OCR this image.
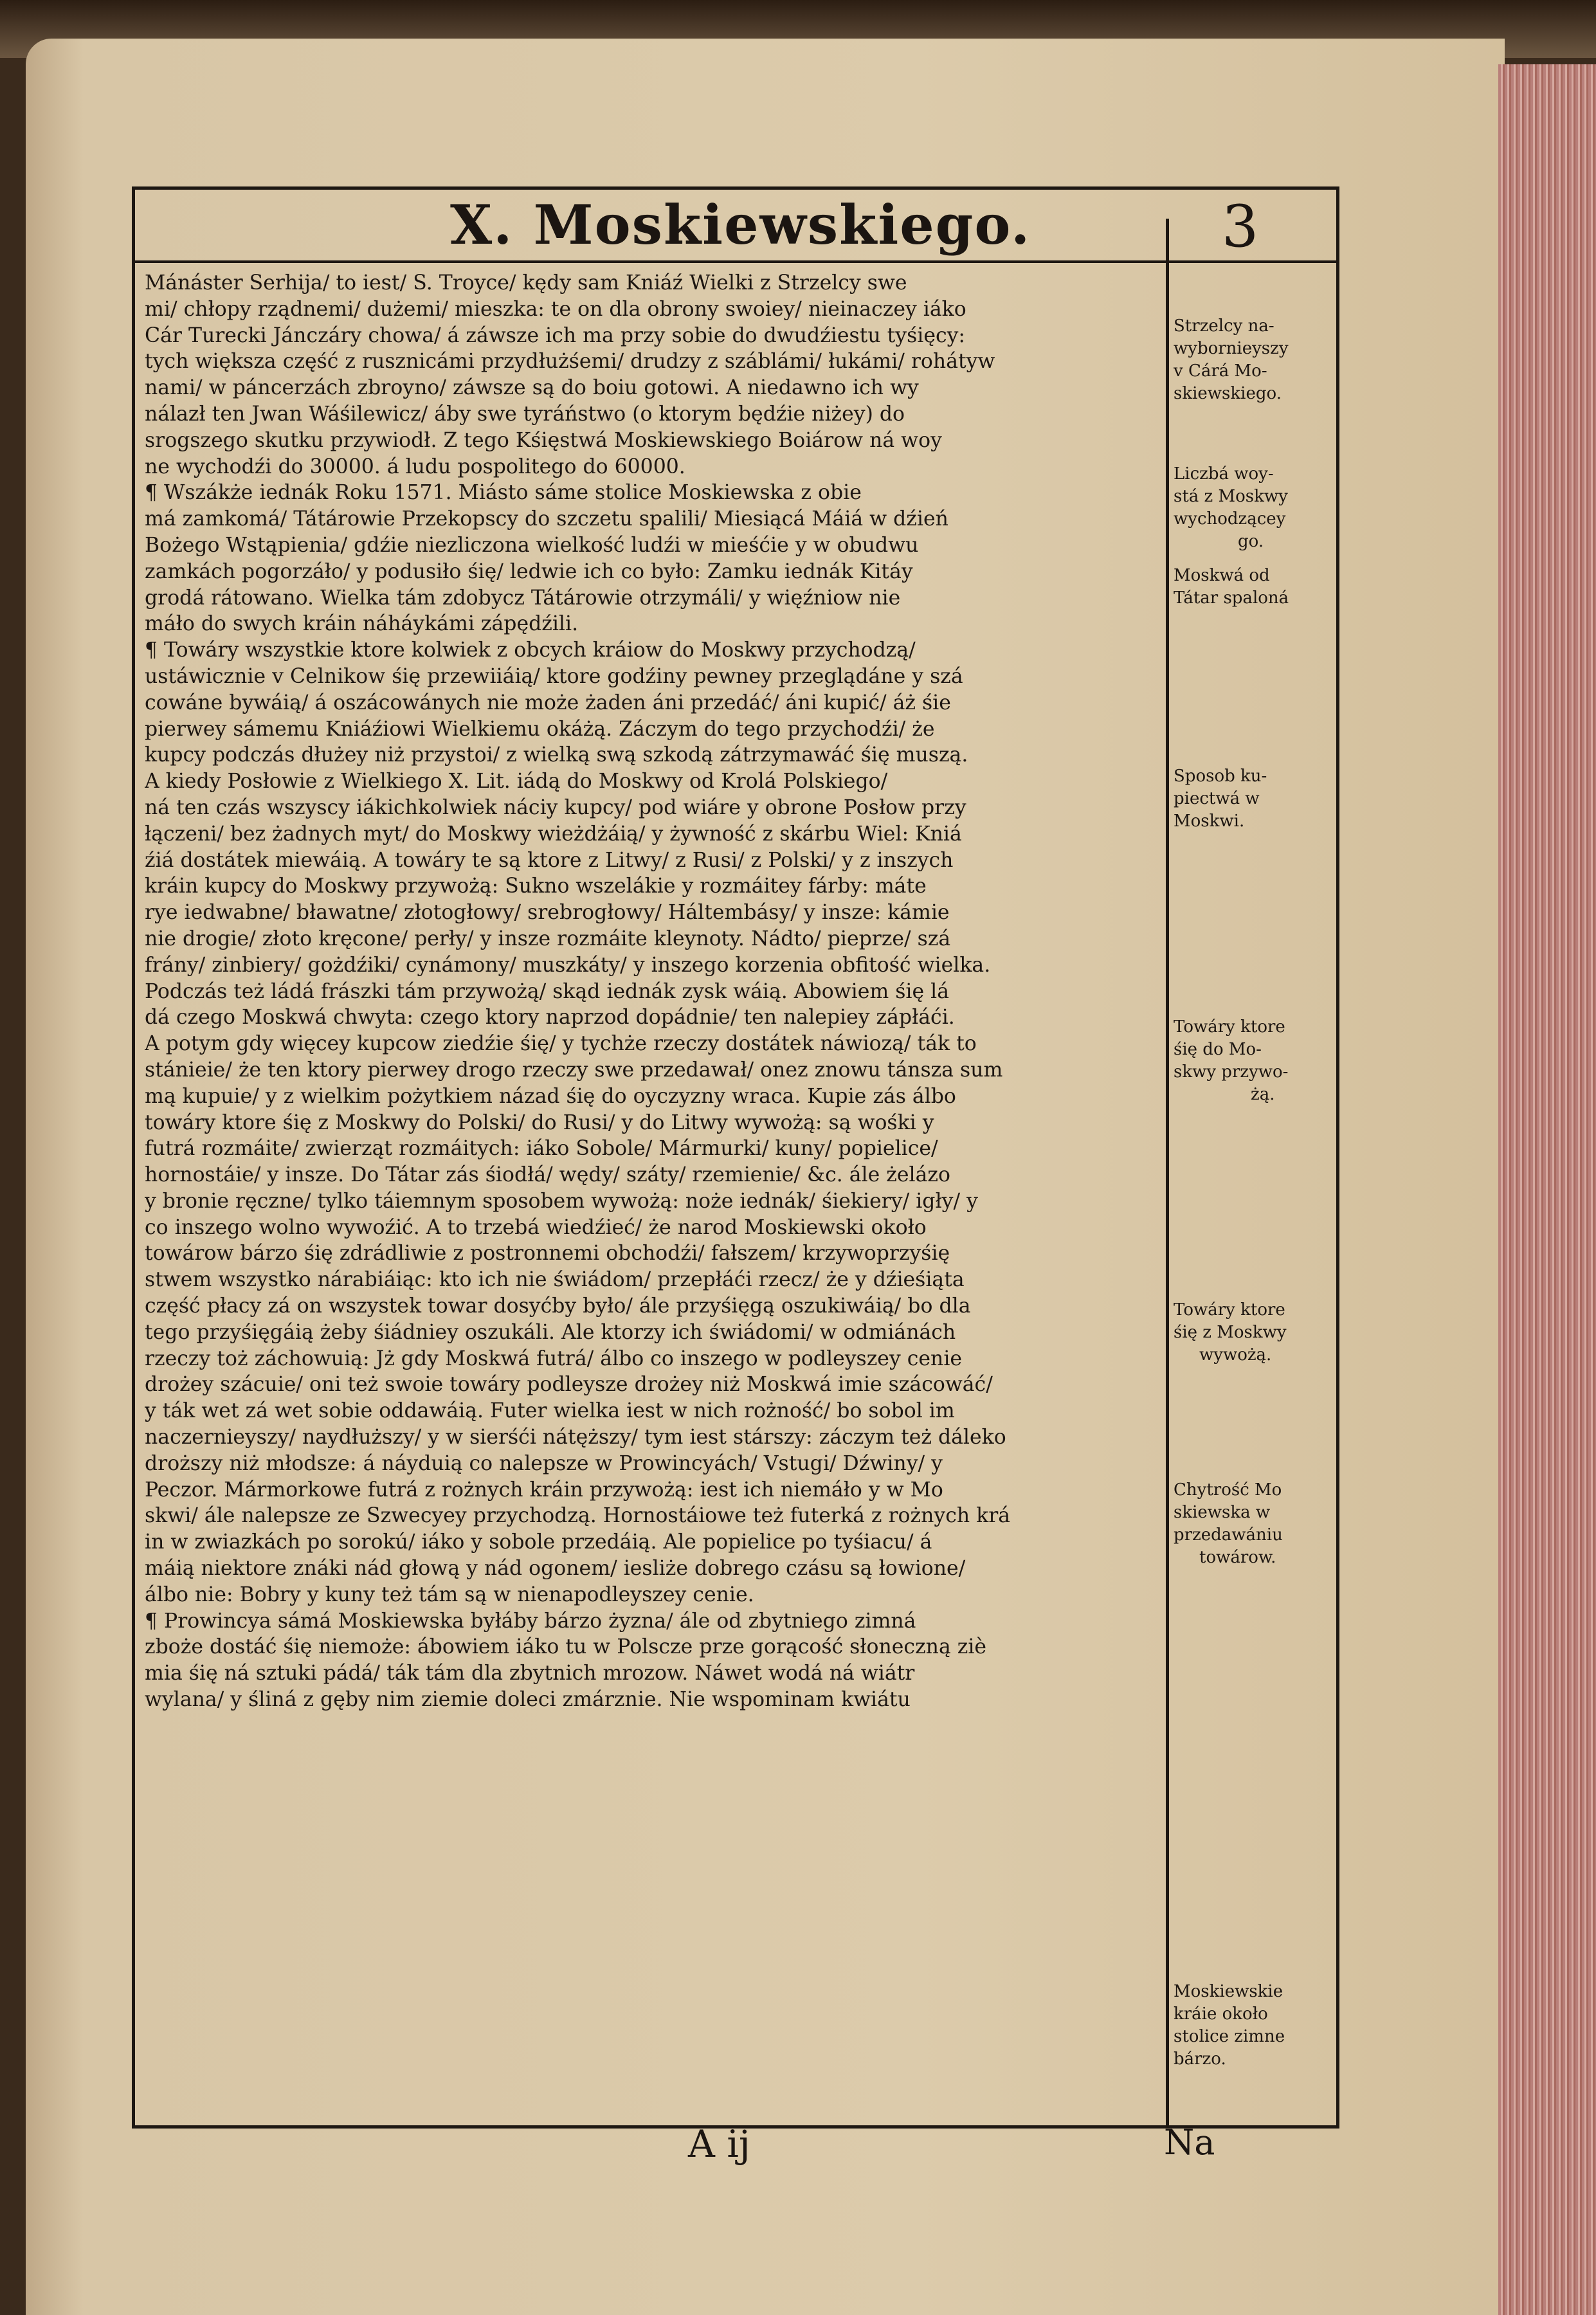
X. Moskiewskiego.	3
Mánáster Serhija/ to iest/ S. Troyce/ kędy sam Kniáź Wielki z Strzelcy swe
mi/ chłopy rządnemi/ dużemi/ mieszka: te on dla obrony swoiey/ nieinaczey iáko
Cár Turecki Jánczáry chowa/ á záwsze ich ma przy sobie do dwudźiestu tyśięcy:
tych większa część z rusznicámi przydłużśemi/ drudzy z száblámi/ łukámi/ rohátyw
nami/ w páncerzách zbroyno/ záwsze są do boiu gotowi. A niedawno ich wy
nálazł ten Jwan Wáśilewicz/ áby swe tyráństwo (o ktorym będźie niżey) do
srogszego skutku przywiodł. Z tego Kśięstwá Moskiewskiego Boiárow ná woy
ne wychodźi do 30000. á ludu pospolitego do 60000.
¶ Wszákże iednák Roku 1571. Miásto sáme stolice Moskiewska z obie
má zamkomá/ Tátárowie Przekopscy do szczetu spalili/ Miesiącá Máiá w dźień
Bożego Wstąpienia/ gdźie niezliczona wielkość ludźi w mieśćie y w obudwu
zamkách pogorzáło/ y podusiło śię/ ledwie ich co było: Zamku iednák Kitáy
grodá rátowano. Wielka tám zdobycz Tátárowie otrzymáli/ y więźniow nie
máło do swych kráin náháykámi zápędźili.
¶ Towáry wszystkie ktore kolwiek z obcych kráiow do Moskwy przychodzą/
ustáwicznie v Celnikow śię przewiiáią/ ktore godźiny pewney przeglądáne y szá
cowáne bywáią/ á oszácowánych nie może żaden áni przedáć/ áni kupić/ áż śie
pierwey sámemu Kniáźiowi Wielkiemu okáżą. Záczym do tego przychodźi/ że
kupcy podczás dłużey niż przystoi/ z wielką swą szkodą zátrzymawáć śię muszą.
A kiedy Posłowie z Wielkiego X. Lit. iádą do Moskwy od Krolá Polskiego/
ná ten czás wszyscy iákichkolwiek náciy kupcy/ pod wiáre y obrone Posłow przy
łączeni/ bez żadnych myt/ do Moskwy wieżdżáią/ y żywność z skárbu Wiel: Kniá
źiá dostátek miewáią. A towáry te są ktore z Litwy/ z Rusi/ z Polski/ y z inszych
kráin kupcy do Moskwy przywożą: Sukno wszelákie y rozmáitey fárby: máte
rye iedwabne/ bławatne/ złotogłowy/ srebrogłowy/ Háltembásy/ y insze: kámie
nie drogie/ złoto kręcone/ perły/ y insze rozmáite kleynoty. Nádto/ pieprze/ szá
frány/ zinbiery/ gożdźiki/ cynámony/ muszkáty/ y inszego korzenia obfitość wielka.
Podczás też ládá frászki tám przywożą/ skąd iednák zysk wáią. Abowiem śię lá
dá czego Moskwá chwyta: czego ktory naprzod dopádnie/ ten nalepiey zápłáći.
A potym gdy więcey kupcow ziedźie śię/ y tychże rzeczy dostátek náwiozą/ ták to
stánieie/ że ten ktory pierwey drogo rzeczy swe przedawał/ onez znowu tánsza sum
mą kupuie/ y z wielkim pożytkiem názad śię do oyczyzny wraca. Kupie zás álbo
towáry ktore śię z Moskwy do Polski/ do Rusi/ y do Litwy wywożą: są wośki y
futrá rozmáite/ zwierząt rozmáitych: iáko Sobole/ Mármurki/ kuny/ popielice/
hornostáie/ y insze. Do Tátar zás śiodłá/ wędy/ száty/ rzemienie/ &c. ále żelázo
y bronie ręczne/ tylko táiemnym sposobem wywożą: noże iednák/ śiekiery/ igły/ y
co inszego wolno wywoźić. A to trzebá wiedźieć/ że narod Moskiewski około
towárow bárzo śię zdrádliwie z postronnemi obchodźi/ fałszem/ krzywoprzyśię
stwem wszystko nárabiáiąc: kto ich nie świádom/ przepłáći rzecz/ że y dźieśiąta
część płacy zá on wszystek towar dosyćby było/ ále przyśięgą oszukiwáią/ bo dla
tego przyśięgáią żeby śiádniey oszukáli. Ale ktorzy ich świádomi/ w odmiánách
rzeczy toż záchowuią: Jż gdy Moskwá futrá/ álbo co inszego w podleyszey cenie
drożey szácuie/ oni też swoie towáry podleysze drożey niż Moskwá imie szácowáć/
y ták wet zá wet sobie oddawáią. Futer wielka iest w nich rożność/ bo sobol im
naczernieyszy/ naydłuższy/ y w sierśći nátęższy/ tym iest stárszy: záczym też dáleko
droższy niż młodsze: á náyduią co nalepsze w Prowincyách/ Vstugi/ Dźwiny/ y
Peczor. Mármorkowe futrá z rożnych kráin przywożą: iest ich niemáło y w Mo
skwi/ ále nalepsze ze Szwecyey przychodzą. Hornostáiowe też futerká z rożnych krá
in w zwiazkách po sorokú/ iáko y sobole przedáią. Ale popielice po tyśiacu/ á
máią niektore znáki nád głową y nád ogonem/ iesliże dobrego czásu są łowione/
álbo nie: Bobry y kuny też tám są w nienapodleyszey cenie.
¶ Prowincya sámá Moskiewska byłáby bárzo żyzna/ ále od zbytniego zimná
zboże dostáć śię niemoże: ábowiem iáko tu w Polscze prze gorącość słoneczną ziè
mia śię ná sztuki pádá/ ták tám dla zbytnich mrozow. Náwet wodá ná wiátr
wylana/ y śliná z gęby nim ziemie doleci zmárznie. Nie wspominam kwiátu
Strzelcy na-
wybornieyszy
v Cárá Mo-
skiewskiego.
Liczbá woy-
stá z Moskwy
wychodzącey
go.
Moskwá od
Tátar spaloná
Sposob ku-
piectwá w
Moskwi.
Towáry ktore
śię do Mo-
skwy przywo-
żą.
Towáry ktore
śię z Moskwy
wywożą.
Chytrość Mo
skiewska w
przedawániu
towárow.
Moskiewskie
kráie około
stolice zimne
bárzo.
A ij	Na
